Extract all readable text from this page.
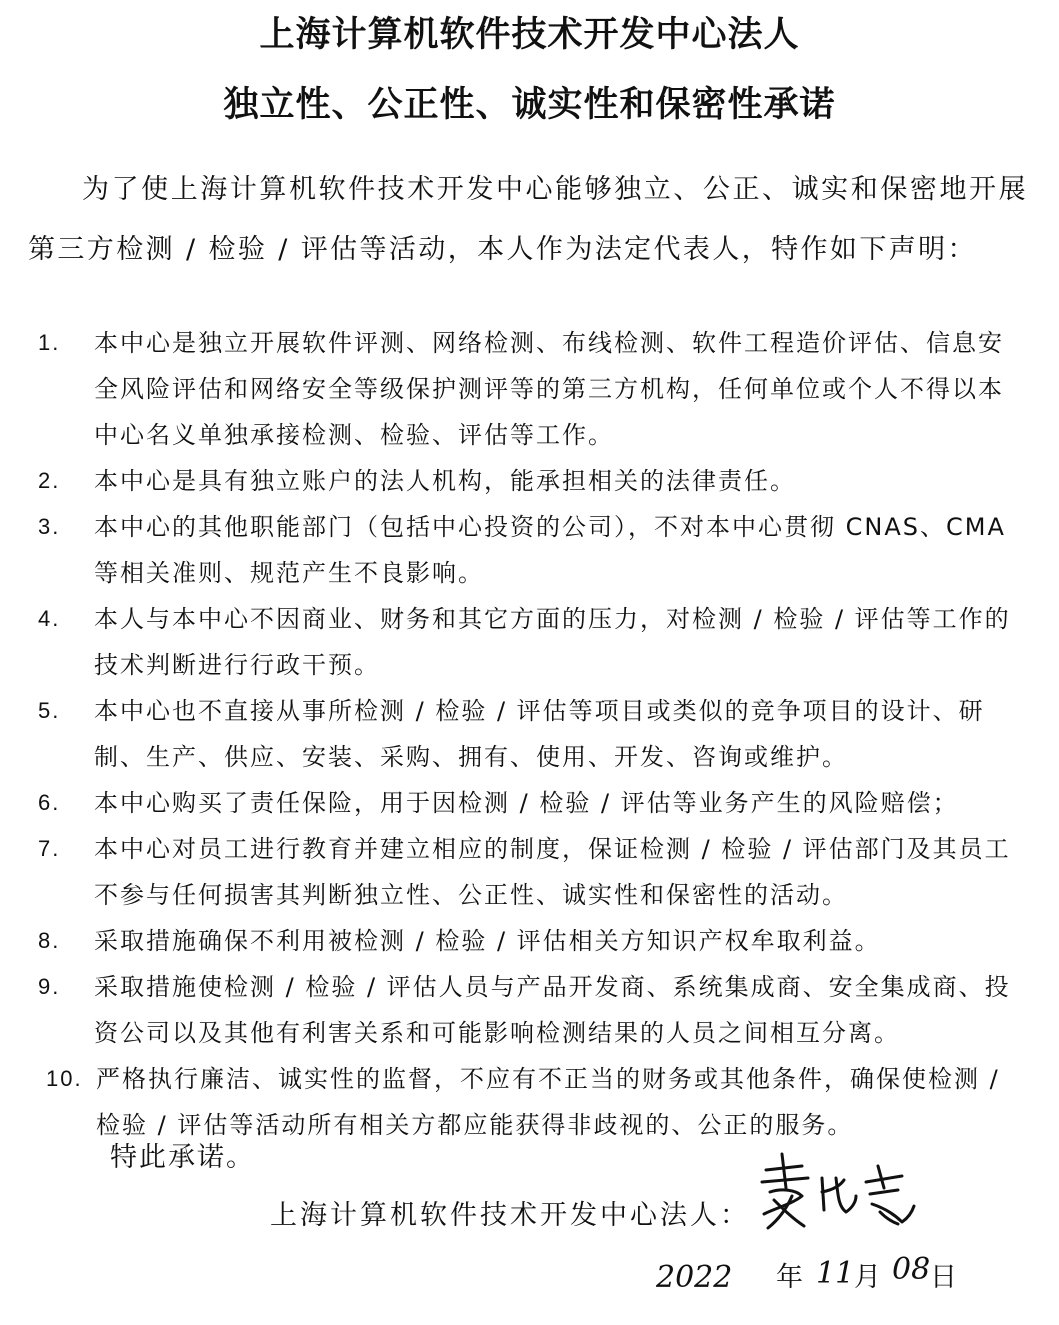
上海计算机软件技术开发中心法人
独立性、公正性、诚实性和保密性承诺
为了使上海计算机软件技术开发中心能够独立、公正、诚实和保密地开展第三方检测 / 检验 / 评估等活动，本人作为法定代表人，特作如下声明：
1.	本中心是独立开展软件评测、网络检测、布线检测、软件工程造价评估、信息安全风险评估和网络安全等级保护测评等的第三方机构，任何单位或个人不得以本中心名义单独承接检测、检验、评估等工作。
2.	本中心是具有独立账户的法人机构，能承担相关的法律责任。
3.	本中心的其他职能部门（包括中心投资的公司），不对本中心贯彻 CNAS、CMA 等相关准则、规范产生不良影响。
4.	本人与本中心不因商业、财务和其它方面的压力，对检测 / 检验 / 评估等工作的技术判断进行行政干预。
5.	本中心也不直接从事所检测 / 检验 / 评估等项目或类似的竞争项目的设计、研制、生产、供应、安装、采购、拥有、使用、开发、咨询或维护。
6.	本中心购买了责任保险，用于因检测 / 检验 / 评估等业务产生的风险赔偿；
7.	本中心对员工进行教育并建立相应的制度，保证检测 / 检验 / 评估部门及其员工不参与任何损害其判断独立性、公正性、诚实性和保密性的活动。
8.	采取措施确保不利用被检测 / 检验 / 评估相关方知识产权牟取利益。
9.	采取措施使检测 / 检验 / 评估人员与产品开发商、系统集成商、安全集成商、投资公司以及其他有利害关系和可能影响检测结果的人员之间相互分离。
10. 严格执行廉洁、诚实性的监督，不应有不正当的财务或其他条件，确保使检测 / 检验 / 评估等活动所有相关方都应能获得非歧视的、公正的服务。
特此承诺。
上海计算机软件技术开发中心法人：
2022 年 11 月 08 日
